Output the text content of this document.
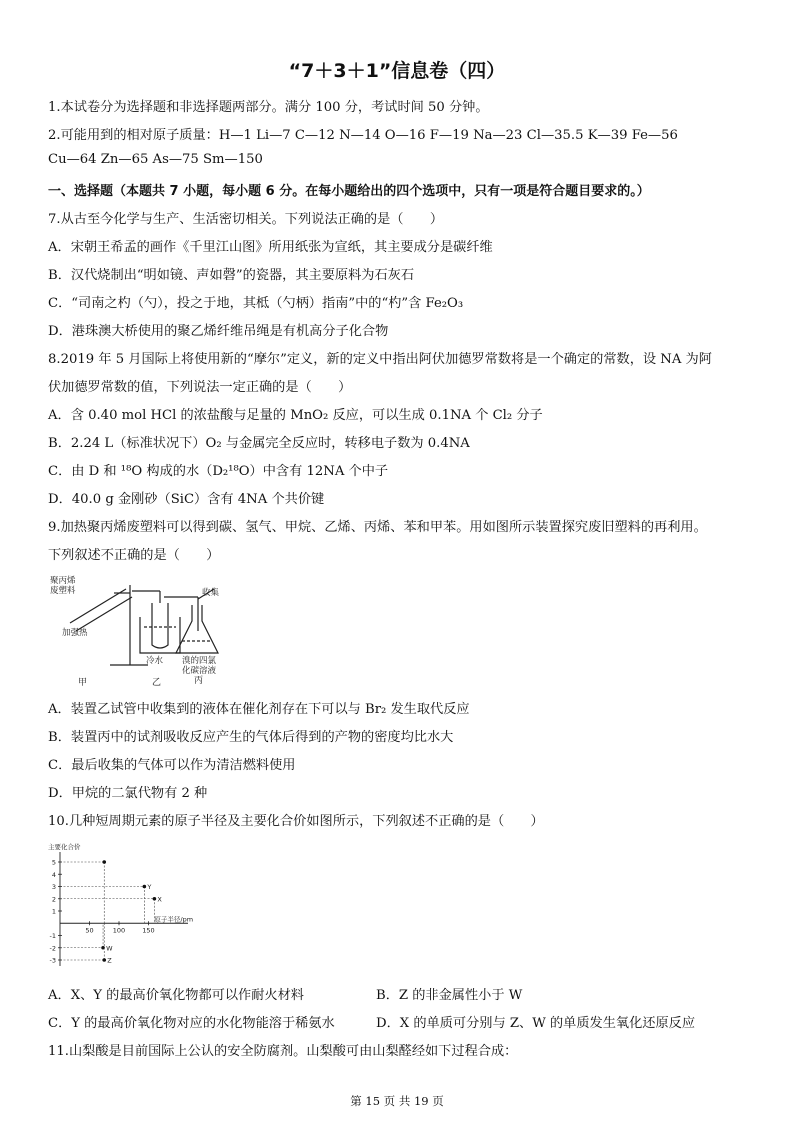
“7＋3＋1”信息卷（四）
1.本试卷分为选择题和非选择题两部分。满分 100 分，考试时间 50 分钟。
2.可能用到的相对原子质量：H—1 Li—7 C—12 N—14 O—16 F—19 Na—23 Cl—35.5 K—39 Fe—56
Cu—64 Zn—65 As—75 Sm—150
一、选择题（本题共 7 小题，每小题 6 分。在每小题给出的四个选项中，只有一项是符合题目要求的。）
7.从古至今化学与生产、生活密切相关。下列说法正确的是（　　）
A．宋朝王希孟的画作《千里江山图》所用纸张为宣纸，其主要成分是碳纤维
B．汉代烧制出“明如镜、声如磬”的瓷器，其主要原料为石灰石
C．“司南之杓（勺），投之于地，其柢（勺柄）指南”中的“杓”含 Fe₂O₃
D．港珠澳大桥使用的聚乙烯纤维吊绳是有机高分子化合物
8.2019 年 5 月国际上将使用新的“摩尔”定义，新的定义中指出阿伏加德罗常数将是一个确定的常数，设 NA 为阿
伏加德罗常数的值，下列说法一定正确的是（　　）
A．含 0.40 mol HCl 的浓盐酸与足量的 MnO₂ 反应，可以生成 0.1NA 个 Cl₂ 分子
B．2.24 L（标准状况下）O₂ 与金属完全反应时，转移电子数为 0.4NA
C．由 D 和 ¹⁸O 构成的水（D₂¹⁸O）中含有 12NA 个中子
D．40.0 g 金刚砂（SiC）含有 4NA 个共价键
9.加热聚丙烯废塑料可以得到碳、氢气、甲烷、乙烯、丙烯、苯和甲苯。用如图所示装置探究废旧塑料的再利用。
下列叙述不正确的是（　　）
聚丙烯
废塑料
加强热
收集
冷水 溴的四氯
化碳溶液
甲	乙	丙
A．装置乙试管中收集到的液体在催化剂存在下可以与 Br₂ 发生取代反应
B．装置丙中的试剂吸收反应产生的气体后得到的产物的密度均比水大
C．最后收集的气体可以作为清洁燃料使用
D．甲烷的二氯代物有 2 种
10.几种短周期元素的原子半径及主要化合价如图所示，下列叙述不正确的是（　　）
主要化合价
原子半径/pm
5
4
3
2
1
-1
-2
-3
50	100	150
Y
X
W
Z
A．X、Y 的最高价氧化物都可以作耐火材料	B．Z 的非金属性小于 W
C．Y 的最高价氧化物对应的水化物能溶于稀氨水	D．X 的单质可分别与 Z、W 的单质发生氧化还原反应
11.山梨酸是目前国际上公认的安全防腐剂。山梨酸可由山梨醛经如下过程合成：
第 15 页 共 19 页
